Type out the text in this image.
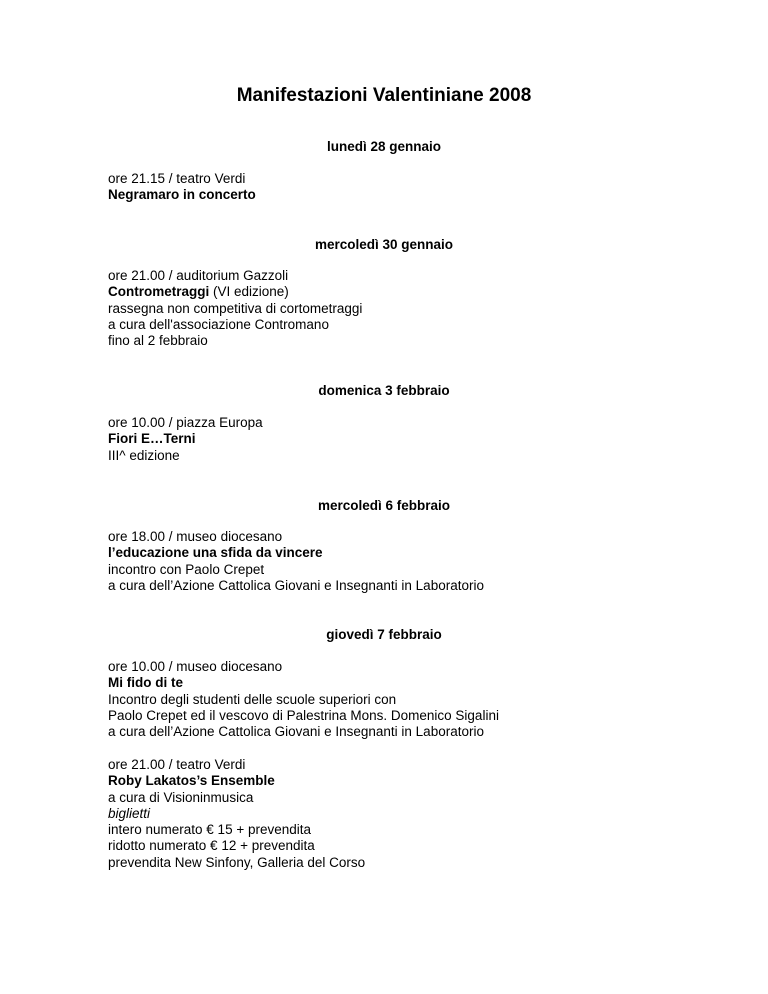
Manifestazioni Valentiniane 2008
lunedì 28 gennaio
ore 21.15 / teatro Verdi
Negramaro in concerto
mercoledì 30 gennaio
ore 21.00 / auditorium Gazzoli
Contrometraggi (VI edizione)
rassegna non competitiva di cortometraggi
a cura dell'associazione Contromano
fino al 2 febbraio
domenica 3 febbraio
ore 10.00 / piazza Europa
Fiori E…Terni
III^ edizione
mercoledì 6 febbraio
ore 18.00 / museo diocesano
l’educazione una sfida da vincere
incontro con Paolo Crepet
a cura dell’Azione Cattolica Giovani e Insegnanti in Laboratorio
giovedì 7 febbraio
ore 10.00 / museo diocesano
Mi fido di te
Incontro degli studenti delle scuole superiori con
Paolo Crepet ed il vescovo di Palestrina Mons. Domenico Sigalini
a cura dell’Azione Cattolica Giovani e Insegnanti in Laboratorio
ore 21.00 / teatro Verdi
Roby Lakatos’s Ensemble
a cura di Visioninmusica
biglietti
intero numerato € 15 + prevendita
ridotto numerato € 12 + prevendita
prevendita New Sinfony, Galleria del Corso
